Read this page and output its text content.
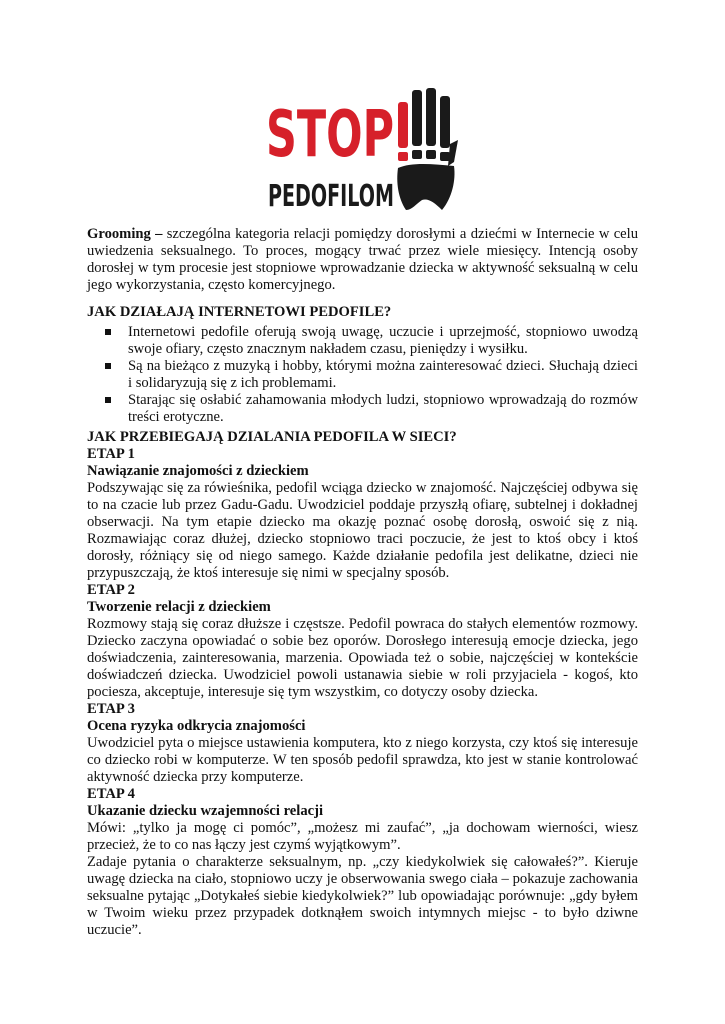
STOP
PEDOFILOM

Grooming – szczególna kategoria relacji pomiędzy dorosłymi a dziećmi w Internecie w celu uwiedzenia seksualnego. To proces, mogący trwać przez wiele miesięcy. Intencją osoby dorosłej w tym procesie jest stopniowe wprowadzanie dziecka w aktywność seksualną w celu jego wykorzystania, często komercyjnego.

JAK DZIAŁAJĄ INTERNETOWI PEDOFILE?
Internetowi pedofile oferują swoją uwagę, uczucie i uprzejmość, stopniowo uwodzą swoje ofiary, często znacznym nakładem czasu, pieniędzy i wysiłku.
Są na bieżąco z muzyką i hobby, którymi można zainteresować dzieci. Słuchają dzieci i solidaryzują się z ich problemami.
Starając się osłabić zahamowania młodych ludzi, stopniowo wprowadzają do rozmów treści erotyczne.
JAK PRZEBIEGAJĄ DZIALANIA PEDOFILA W SIECI?
ETAP 1

Nawiązanie znajomości z dzieckiem

Podszywając się za rówieśnika, pedofil wciąga dziecko w znajomość. Najczęściej odbywa się to na czacie lub przez Gadu-Gadu. Uwodziciel poddaje przyszłą ofiarę, subtelnej i dokładnej obserwacji. Na tym etapie dziecko ma okazję poznać osobę dorosłą, oswoić się z nią. Rozmawiając coraz dłużej, dziecko stopniowo traci poczucie, że jest to ktoś obcy i ktoś dorosły, różniący się od niego samego. Każde działanie pedofila jest delikatne, dzieci nie przypuszczają, że ktoś interesuje się nimi w specjalny sposób.

ETAP 2

Tworzenie relacji z dzieckiem

Rozmowy stają się coraz dłuższe i częstsze. Pedofil powraca do stałych elementów rozmowy. Dziecko zaczyna opowiadać o sobie bez oporów. Dorosłego interesują emocje dziecka, jego doświadczenia, zainteresowania, marzenia. Opowiada też o sobie, najczęściej w kontekście doświadczeń dziecka. Uwodziciel powoli ustanawia siebie w roli przyjaciela - kogoś, kto pociesza, akceptuje, interesuje się tym wszystkim, co dotyczy osoby dziecka.

ETAP 3

Ocena ryzyka odkrycia znajomości

Uwodziciel pyta o miejsce ustawienia komputera, kto z niego korzysta, czy ktoś się interesuje co dziecko robi w komputerze. W ten sposób pedofil sprawdza, kto jest w stanie kontrolować aktywność dziecka przy komputerze.

ETAP 4

Ukazanie dziecku wzajemności relacji

Mówi: „tylko ja mogę ci pomóc”, „możesz mi zaufać”, „ja dochowam wierności, wiesz przecież, że to co nas łączy jest czymś wyjątkowym”.

Zadaje pytania o charakterze seksualnym, np. „czy kiedykolwiek się całowałeś?”. Kieruje uwagę dziecka na ciało, stopniowo uczy je obserwowania swego ciała – pokazuje zachowania seksualne pytając „Dotykałeś siebie kiedykolwiek?” lub opowiadając porównuje: „gdy byłem w Twoim wieku przez przypadek dotknąłem swoich intymnych miejsc - to było dziwne uczucie”.
